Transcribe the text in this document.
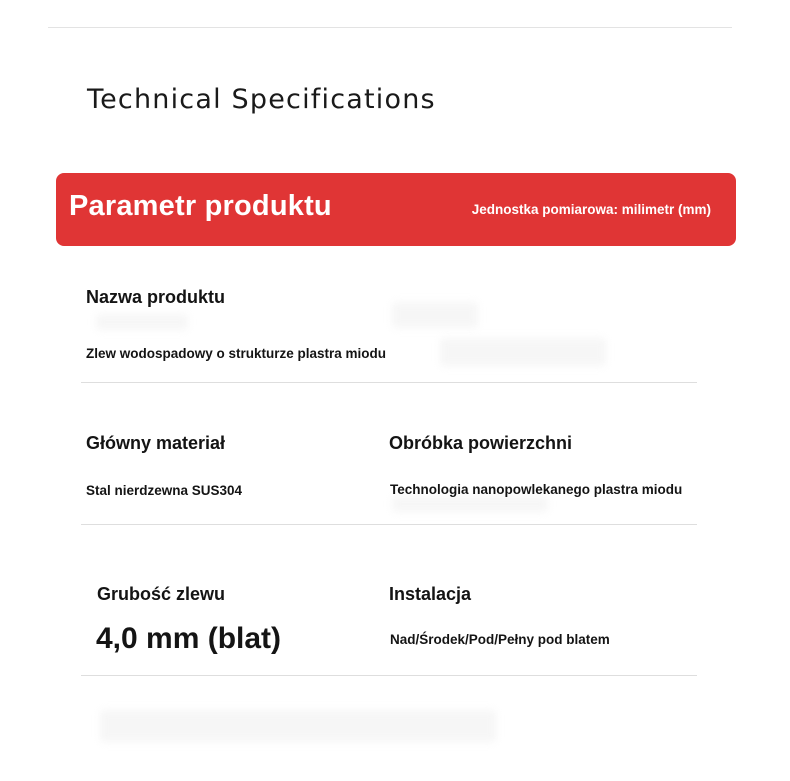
Technical Specifications
Parametr produktu	Jednostka pomiarowa: milimetr (mm)
Nazwa produktu
Zlew wodospadowy o strukturze plastra miodu
Główny materiał
Stal nierdzewna SUS304
Obróbka powierzchni
Technologia nanopowlekanego plastra miodu
Grubość zlewu
4,0 mm (blat)
Instalacja
Nad/Środek/Pod/Pełny pod blatem
